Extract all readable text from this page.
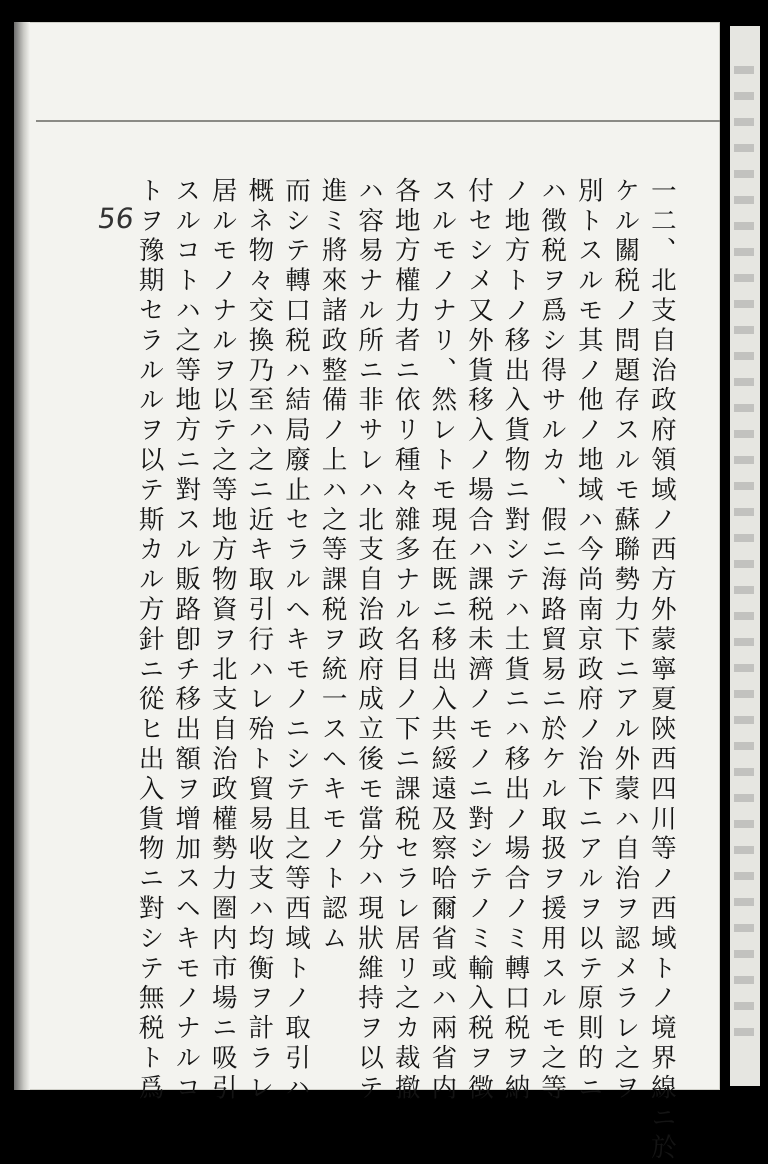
56	一二、北支自治政府領域ノ西方外蒙寧夏陝西四川等ノ西域トノ境界線ニ於
ケル關税ノ問題存スルモ蘇聯勢力下ニアル外蒙ハ自治ヲ認メラレ之ヲ
別トスルモ其ノ他ノ地域ハ今尚南京政府ノ治下ニアルヲ以テ原則的ニ
ハ徴税ヲ爲シ得サルカ、假ニ海路貿易ニ於ケル取扱ヲ援用スルモ之等
ノ地方トノ移出入貨物ニ對シテハ土貨ニハ移出ノ場合ノミ轉口税ヲ納
付セシメ又外貨移入ノ場合ハ課税未濟ノモノニ對シテノミ輸入税ヲ徴
スルモノナリ、然レトモ現在既ニ移出入共綏遠及察哈爾省或ハ兩省内
各地方權力者ニ依リ種々雜多ナル名目ノ下ニ課税セラレ居リ之カ裁撤
ハ容易ナル所ニ非サレハ北支自治政府成立後モ當分ハ現狀維持ヲ以テ
進ミ將來諸政整備ノ上ハ之等課税ヲ統一スヘキモノト認ム
而シテ轉口税ハ結局廢止セラルヘキモノニシテ且之等西域トノ取引ハ
概ネ物々交換乃至ハ之ニ近キ取引行ハレ殆ト貿易收支ハ均衡ヲ計ラレ
居ルモノナルヲ以テ之等地方物資ヲ北支自治政權勢力圏内市場ニ吸引
スルコトハ之等地方ニ對スル販路卽チ移出額ヲ增加スヘキモノナルコ
トヲ豫期セラルルヲ以テ斯カル方針ニ從ヒ出入貨物ニ對シテ無税ト爲
